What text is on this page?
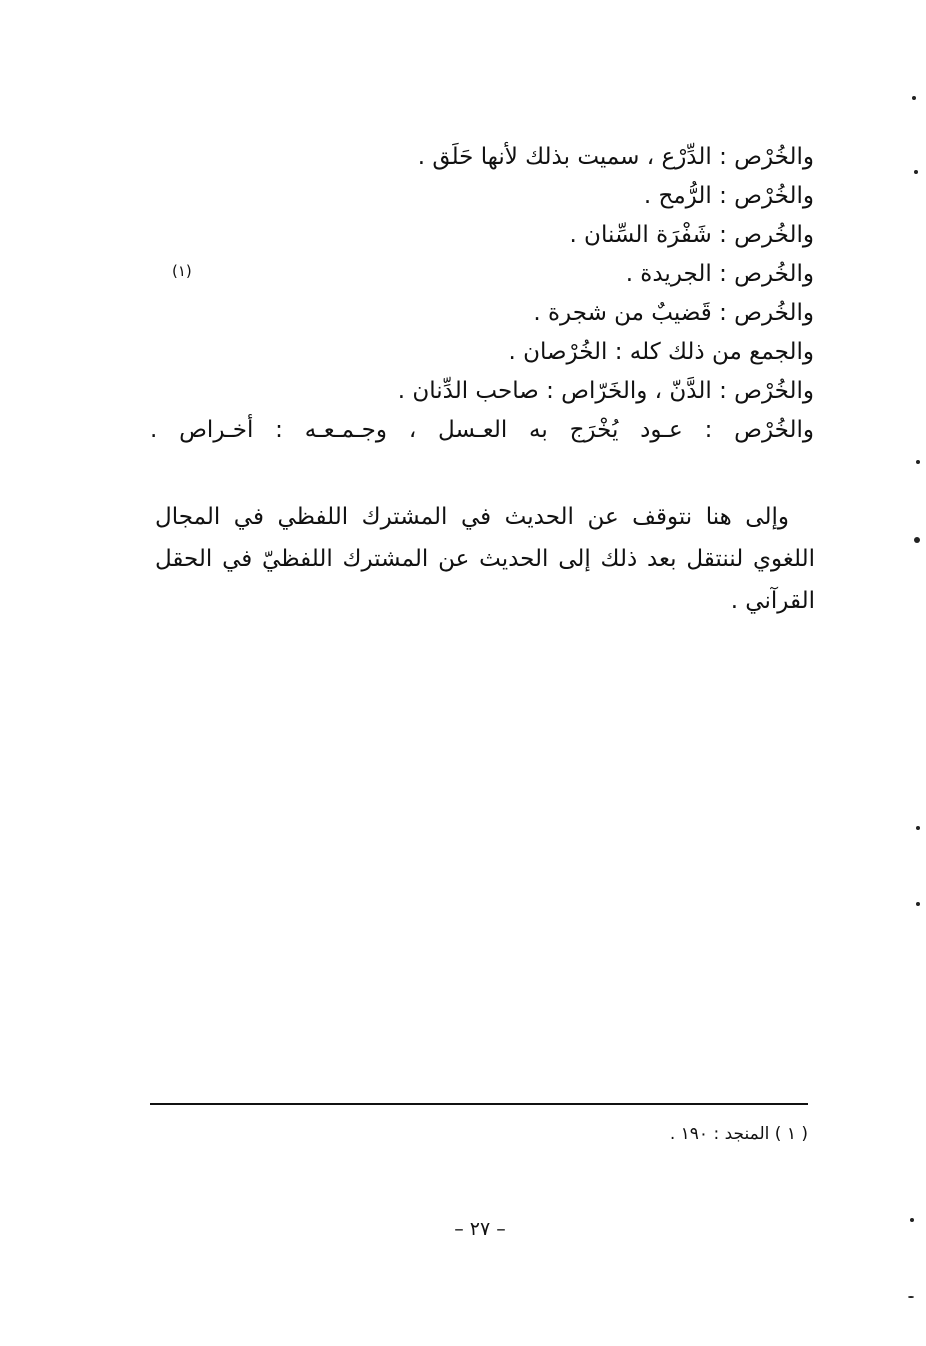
والخُرْص : الدِّرْع ، سميت بذلك لأنها حَلَق .
والخُرْص : الرُّمح .
والخُرص : شَفْرَة السِّنان .
والخُرص : الجريدة .
والخُرص : قَضيبٌ من شجرة .
والجمع من ذلك كله : الخُرْصان .
والخُرْص : الدَّنّ ، والخَرّاص : صاحب الدِّنان .
والخُرْص : عـود يُخْرَج به العـسل ، وجـمـعـه : أخـراص .
(١)
وإلى هنا نتوقف عن الحديث في المشترك اللفظي في المجال اللغوي لننتقل بعد ذلك إلى الحديث عن المشترك اللفظيّ في الحقل القرآني .
( ١ ) المنجد : ١٩٠ .
– ٢٧ –
